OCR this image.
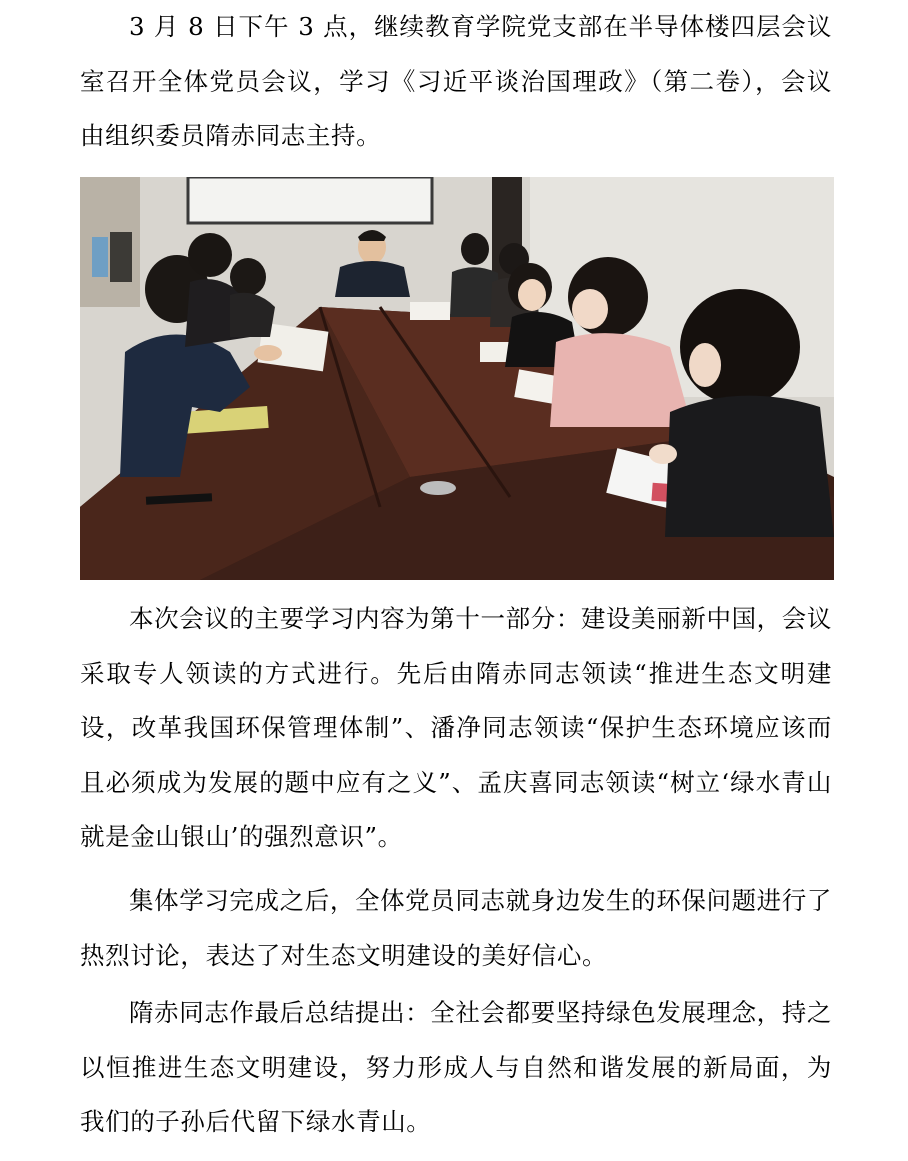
3 月 8 日下午 3 点，继续教育学院党支部在半导体楼四层会议室召开全体党员会议，学习《习近平谈治国理政》（第二卷），会议由组织委员隋赤同志主持。

本次会议的主要学习内容为第十一部分：建设美丽新中国，会议采取专人领读的方式进行。先后由隋赤同志领读“推进生态文明建设，改革我国环保管理体制”、潘净同志领读“保护生态环境应该而且必须成为发展的题中应有之义”、孟庆喜同志领读“树立‘绿水青山就是金山银山’的强烈意识”。

集体学习完成之后，全体党员同志就身边发生的环保问题进行了热烈讨论，表达了对生态文明建设的美好信心。

隋赤同志作最后总结提出：全社会都要坚持绿色发展理念，持之以恒推进生态文明建设，努力形成人与自然和谐发展的新局面，为我们的子孙后代留下绿水青山。
